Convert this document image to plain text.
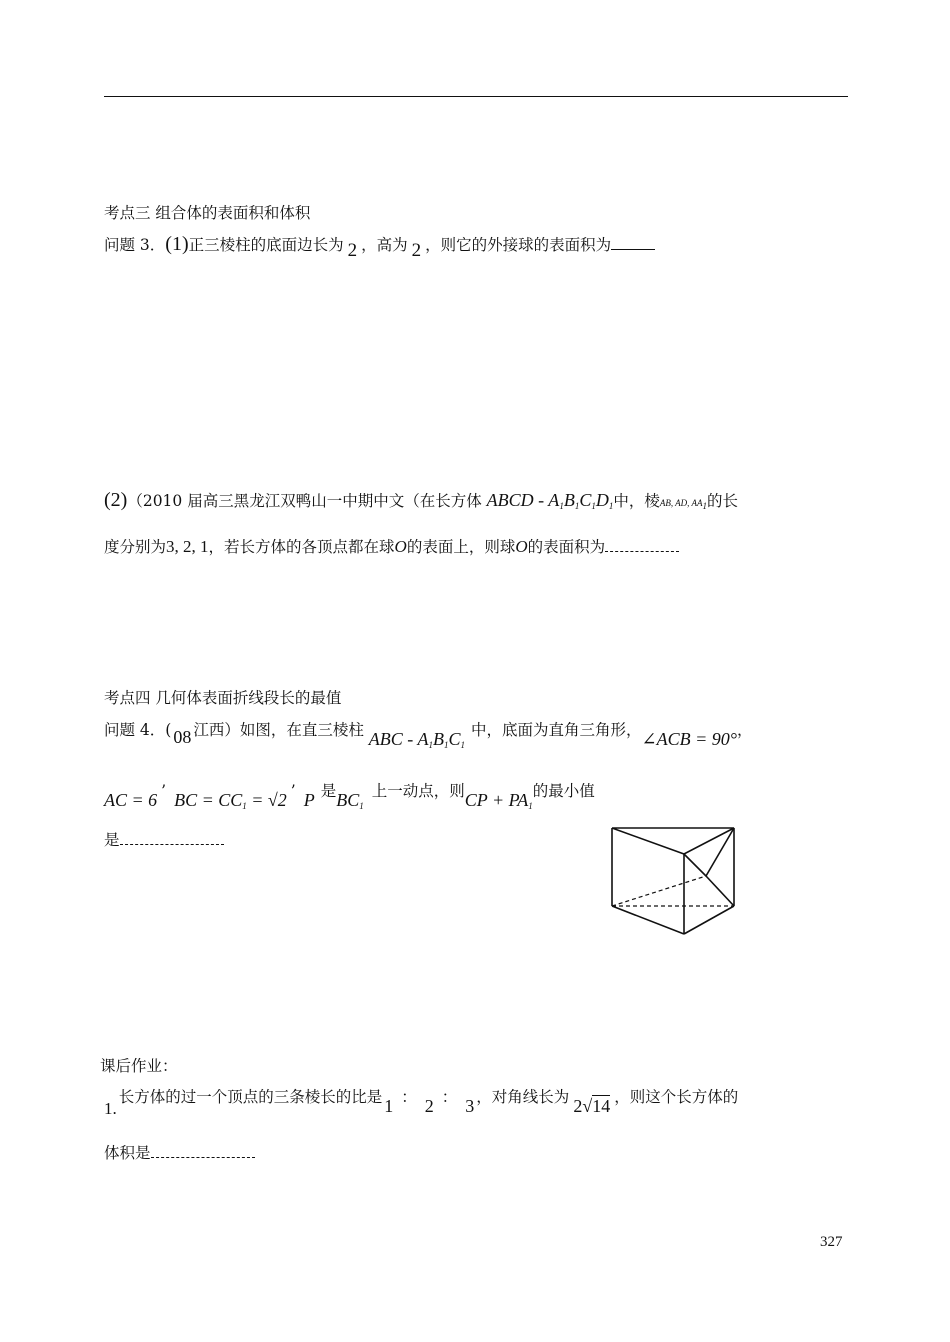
考点三 组合体的表面积和体积
问题 3．(1)正三棱柱的底面边长为 2 ，高为 2 ，则它的外接球的表面积为
(2)（2010 届高三黑龙江双鸭山一中期中文（在长方体 ABCD - $A_1B_1C_1D_1$中，棱AB, AD, $AA_1$的长
度分别为3, 2, 1，若长方体的各顶点都在球O的表面上，则球O的表面积为
考点四 几何体表面折线段长的最值
问题 4．( 08 江西）如图，在直三棱柱 ABC - $A_1B_1C_1$中，底面为直角三角形，∠ACB = 90°，
AC = 6 ’ BC = $CC_1 = √2$ ’ P 是$BC_1$上一动点，则CP + $PA_1$的最小值
是
课后作业：
1.长方体的过一个顶点的三条棱长的比是 1 ： 2 ： 3 ，对角线长为 2√14 ，则这个长方体的
体积是
327
